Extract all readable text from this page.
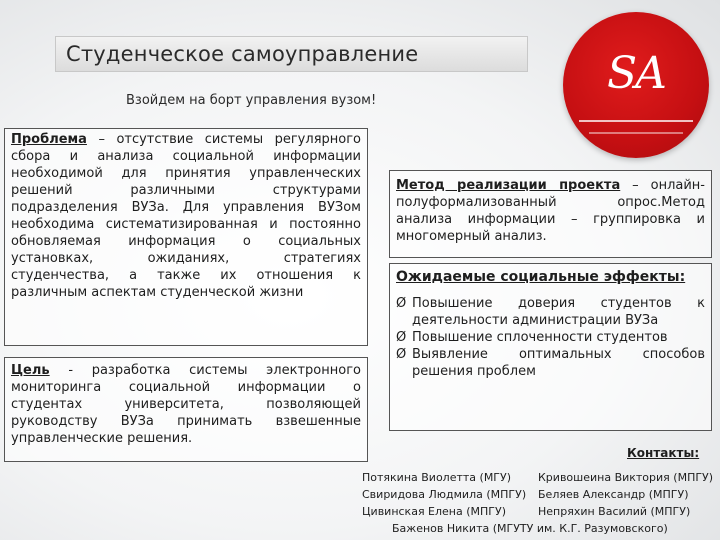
Студенческое самоуправление
Взойдем на борт управления вузом!
SA
Проблема – отсутствие системы регулярного сбора и анализа социальной информации необходимой для принятия управленческих решений различными структурами подразделения ВУЗа. Для управления ВУЗом необходима систематизированная и постоянно обновляемая информация о социальных установках, ожиданиях, стратегиях студенчества, а также их отношения к различным аспектам студенческой жизни
Цель - разработка системы электронного мониторинга социальной информации о студентах университета, позволяющей руководству ВУЗа принимать взвешенные управленческие решения.
Метод реализации проекта – онлайн-полуформализованный опрос.Метод анализа информации – группировка и многомерный анализ.
Ожидаемые социальные эффекты:
Ø Повышение доверия студентов к деятельности администрации ВУЗа
Ø Повышение сплоченности студентов
Ø Выявление оптимальных способов решения проблем
Контакты:
Потякина Виолетта (МГУ)	Кривошеина Виктория (МПГУ)
Свиридова Людмила (МПГУ)	Беляев Александр (МПГУ)
Цивинская Елена (МПГУ)	Непряхин Василий (МПГУ)
Баженов Никита (МГУТУ им. К.Г. Разумовского)
